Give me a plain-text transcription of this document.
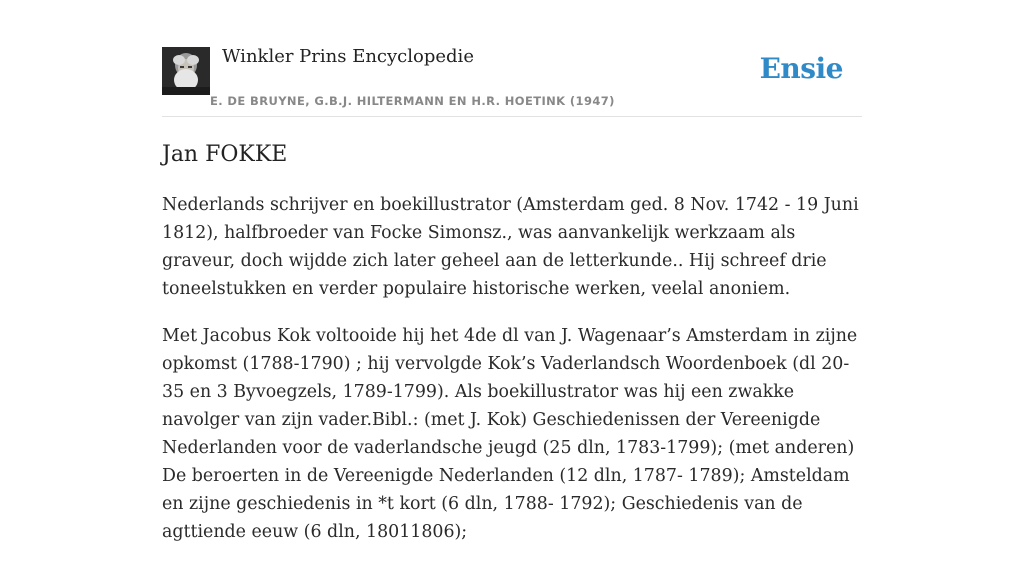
Winkler Prins Encyclopedie
E. DE BRUYNE, G.B.J. HILTERMANN EN H.R. HOETINK (1947)
Ensie
Jan FOKKE

Nederlands schrijver en boekillustrator (Amsterdam ged. 8 Nov. 1742 - 19 Juni 1812), halfbroeder van Focke Simonsz., was aanvankelijk werkzaam als graveur, doch wijdde zich later geheel aan de letterkunde.. Hij schreef drie toneelstukken en verder populaire historische werken, veelal anoniem.

Met Jacobus Kok voltooide hij het 4de dl van J. Wagenaar’s Amsterdam in zijne opkomst (1788-1790) ; hij vervolgde Kok’s Vaderlandsch Woordenboek (dl 20-35 en 3 Byvoegzels, 1789-1799). Als boekillustrator was hij een zwakke navolger van zijn vader.Bibl.: (met J. Kok) Geschiedenissen der Vereenigde Nederlanden voor de vaderlandsche jeugd (25 dln, 1783-1799); (met anderen) De beroerten in de Vereenigde Nederlanden (12 dln, 1787- 1789); Amsteldam en zijne geschiedenis in *t kort (6 dln, 1788- 1792); Geschiedenis van de agttiende eeuw (6 dln, 18011806);
